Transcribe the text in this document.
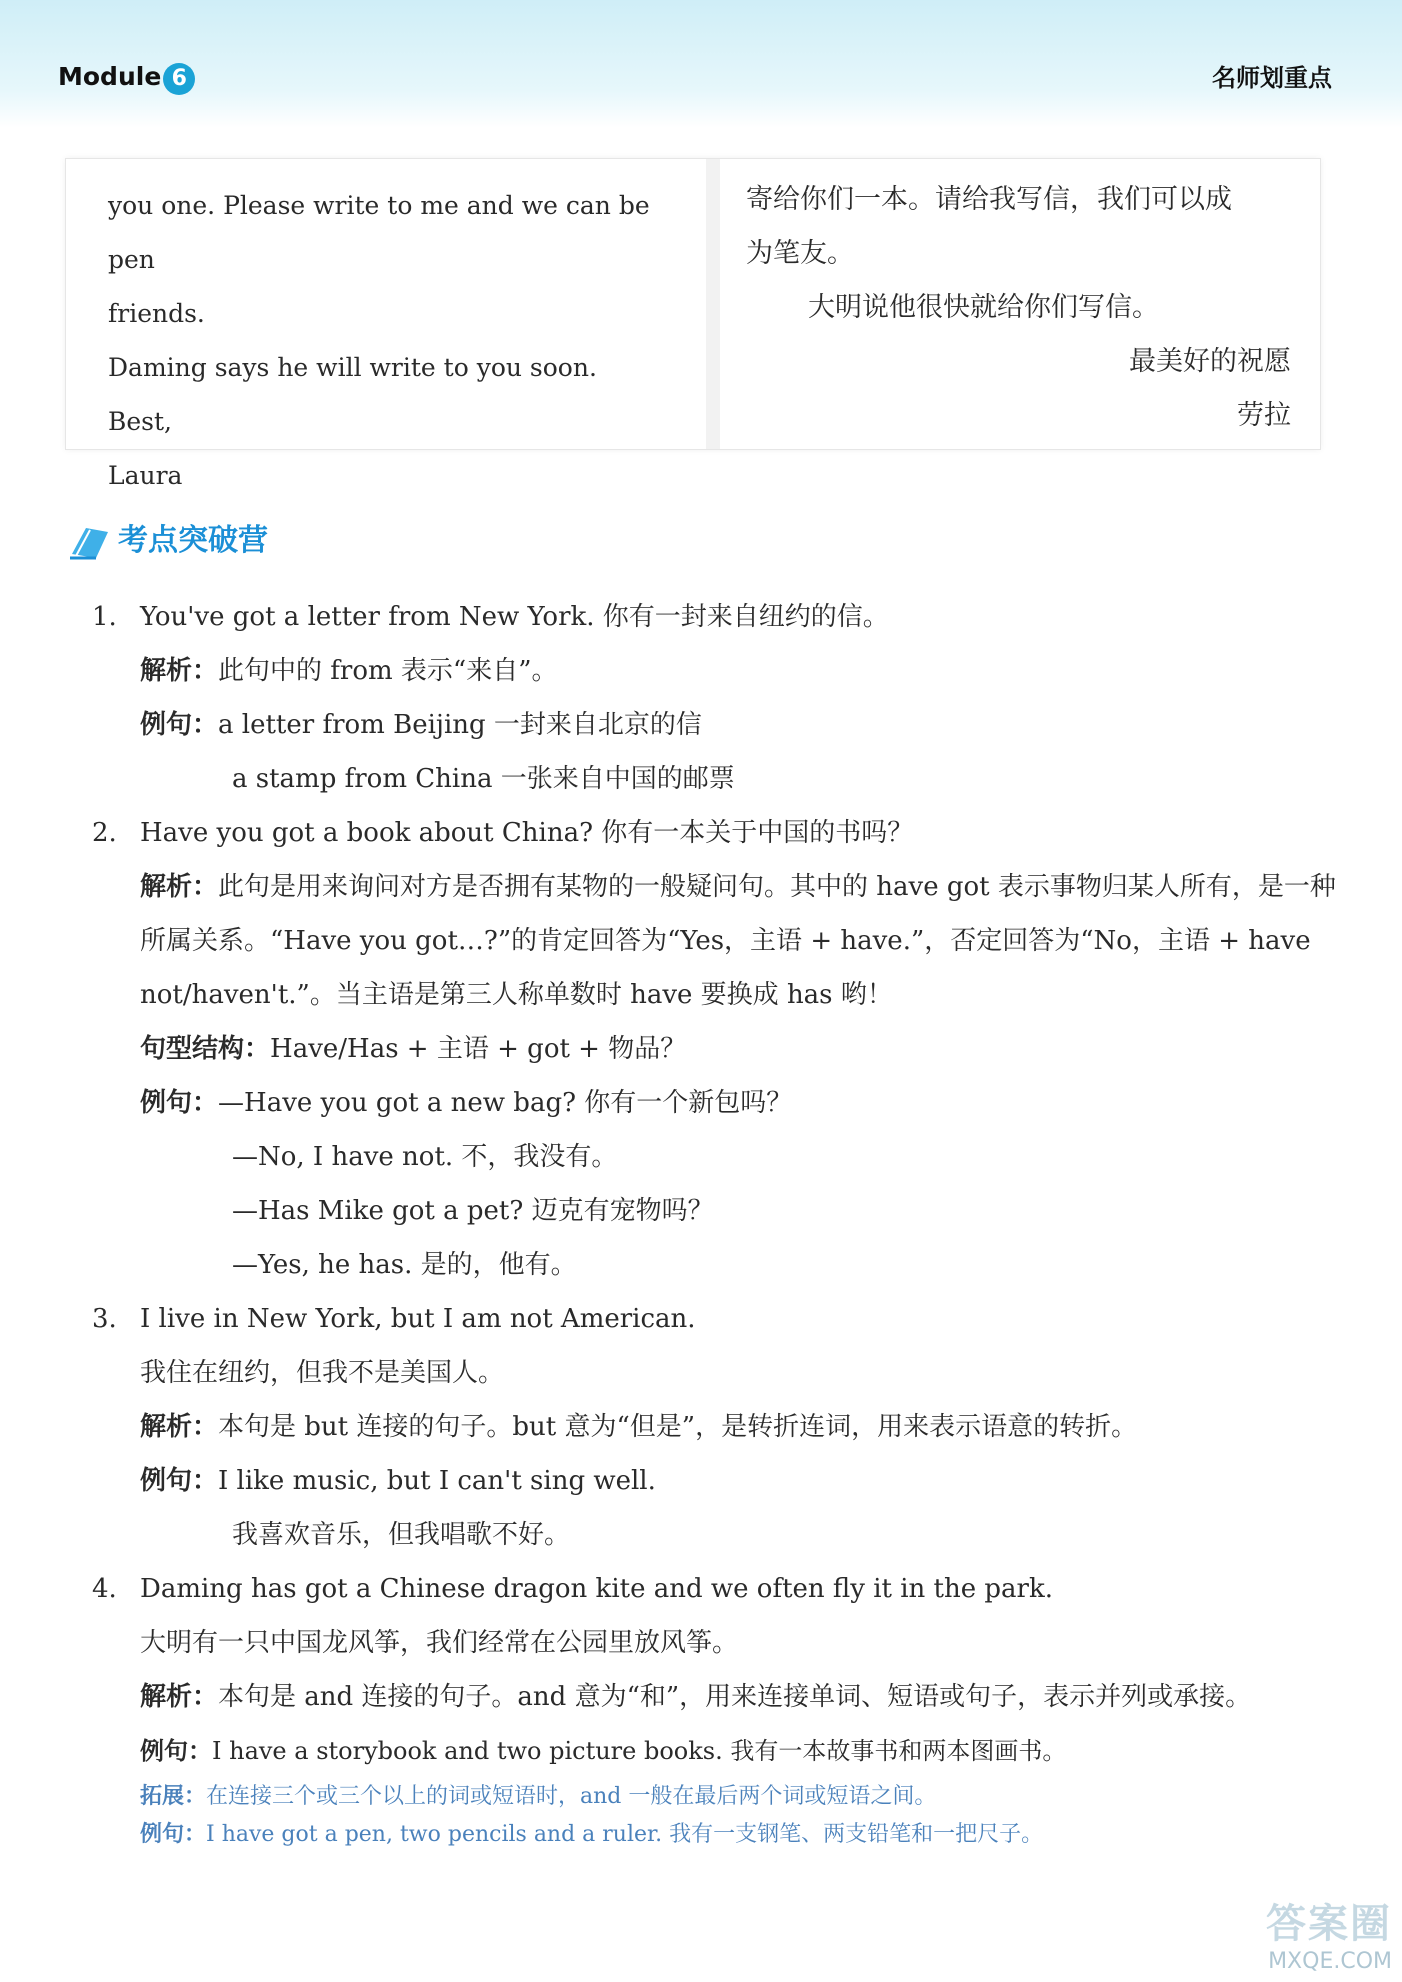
Module 6	名师划重点
you one. Please write to me and we can be pen
friends.
Daming says he will write to you soon.
Best,
Laura
寄给你们一本。请给我写信，我们可以成
为笔友。
大明说他很快就给你们写信。
最美好的祝愿
劳拉
考点突破营
1. You've got a letter from New York. 你有一封来自纽约的信。
解析：此句中的 from 表示“来自”。
例句：a letter from Beijing 一封来自北京的信
a stamp from China 一张来自中国的邮票
2. Have you got a book about China? 你有一本关于中国的书吗？
解析：此句是用来询问对方是否拥有某物的一般疑问句。其中的 have got 表示事物归某人所有，是一种所属关系。“Have you got…?”的肯定回答为“Yes，主语 + have.”，否定回答为“No，主语 + have not/haven't.”。当主语是第三人称单数时 have 要换成 has 哟！
句型结构：Have/Has + 主语 + got + 物品？
例句：—Have you got a new bag? 你有一个新包吗？
—No, I have not. 不，我没有。
—Has Mike got a pet? 迈克有宠物吗？
—Yes, he has. 是的，他有。
3. I live in New York, but I am not American.
我住在纽约，但我不是美国人。
解析：本句是 but 连接的句子。but 意为“但是”，是转折连词，用来表示语意的转折。
例句：I like music, but I can't sing well.
我喜欢音乐，但我唱歌不好。
4. Daming has got a Chinese dragon kite and we often fly it in the park.
大明有一只中国龙风筝，我们经常在公园里放风筝。
解析：本句是 and 连接的句子。and 意为“和”，用来连接单词、短语或句子，表示并列或承接。
例句：I have a storybook and two picture books. 我有一本故事书和两本图画书。
拓展：在连接三个或三个以上的词或短语时，and 一般在最后两个词或短语之间。
例句：I have got a pen, two pencils and a ruler. 我有一支钢笔、两支铅笔和一把尺子。
答案圈
MXQE.COM
